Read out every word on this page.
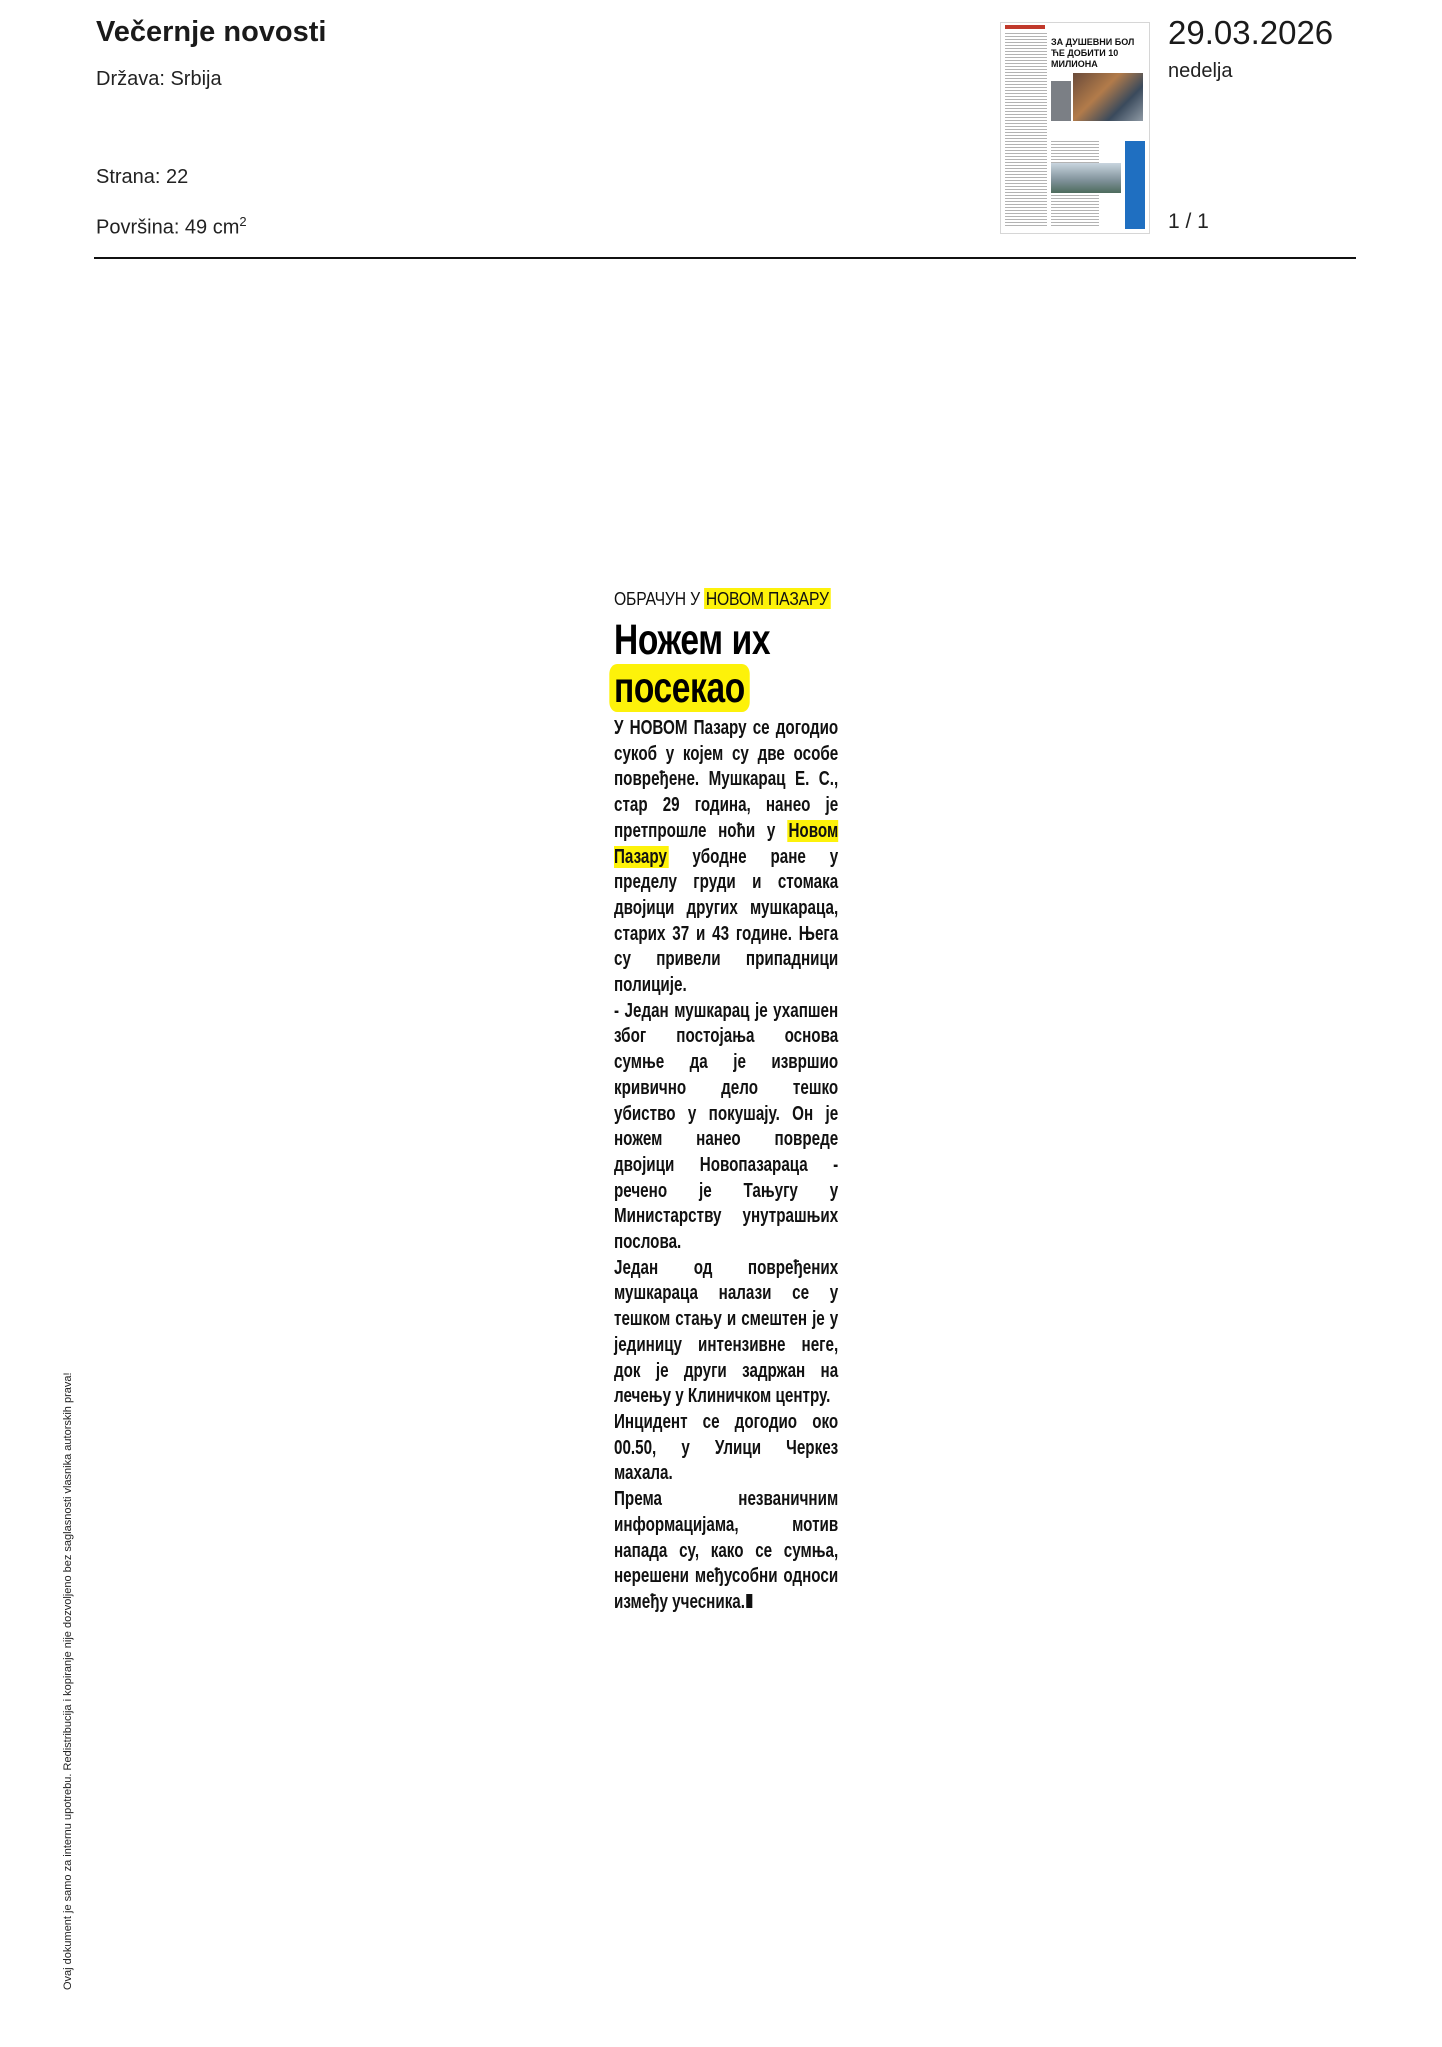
Večernje novosti
Država: Srbija
Strana: 22
Površina: 49 $cm^2$
ЗА ДУШЕВНИ БОЛ ЋЕ ДОБИТИ 10 МИЛИОНА
29.03.2026
nedelja
1 / 1
ОБРАЧУН У НОВОМ ПАЗАРУ
Ножем их
посекао

У НОВОМ Пазару се догодио сукоб у којем су две особе повређене. Мушкарац Е. С., стар 29 година, нанео је претпрошле ноћи у Новом Пазару убодне ране у пределу груди и стомака двојици других мушкараца, старих 37 и 43 године. Њега су привели припадници полиције.

- Један мушкарац је ухапшен због постојања основа сумње да је извршио кривично дело тешко убиство у покушају. Он је ножем нанео повреде двојици Новопазараца - речено је Тањугу у Министарству унутрашњих послова.

Један од повређених мушкараца налази се у тешком стању и смештен је у јединицу интензивне неге, док је други задржан на лечењу у Клиничком центру.

Инцидент се догодио око 00.50, у Улици Черкез махала.

Према незваничним информацијама, мотив напада су, како се сумња, нерешени међусобни односи између учесника.

Ovaj dokument je samo za internu upotrebu. Redistribucija i kopiranje nije dozvoljeno bez saglasnosti vlasnika autorskih prava!
